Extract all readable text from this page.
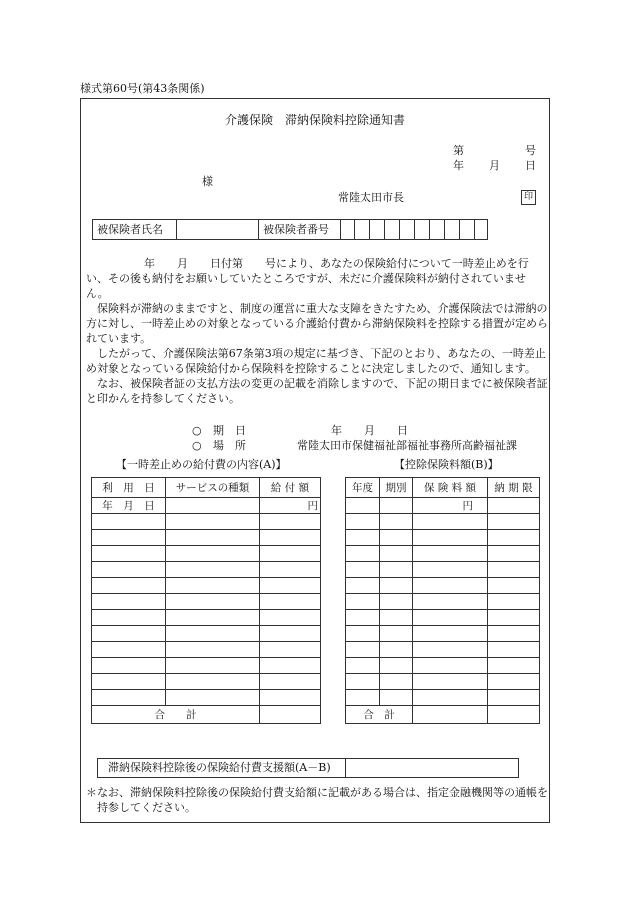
様式第60号(第43条関係)
介護保険　滞納保険料控除通知書
第	号
年 月 日
様
常陸太田市長	印
被保険者氏名	被保険者番号

年　　月　　日付第　　号により、あなたの保険給付について一時差止めを行い、その後も納付をお願いしていたところですが、未だに介護保険料が納付されていません。

保険料が滞納のままですと、制度の運営に重大な支障をきたすため、介護保険法では滞納の方に対し、一時差止めの対象となっている介護給付費から滞納保険料を控除する措置が定められています。

したがって、介護保険法第67条第3項の規定に基づき、下記のとおり、あなたの、一時差止め対象となっている保険給付から保険料を控除することに決定しましたので、通知します。

なお、被保険者証の支払方法の変更の記載を消除しますので、下記の期日までに被保険者証と印かんを持参してください。

○ 期　日	年　　月　　日
○ 場　所	常陸太田市保健福祉部福祉事務所高齢福祉課
【一時差止めの給付費の内容(A)】	【控除保険料額(B)】
利　用　日	サービスの種類	給 付 額
年　月　日		円

合　　計		
年度	期別	保 険 料 額	納 期 限
		円	

合　計			
滞納保険料控除後の保険給付費支援額(A－B)
＊なお、滞納保険料控除後の保険給付費支給額に記載がある場合は、指定金融機関等の通帳を持参してください。
